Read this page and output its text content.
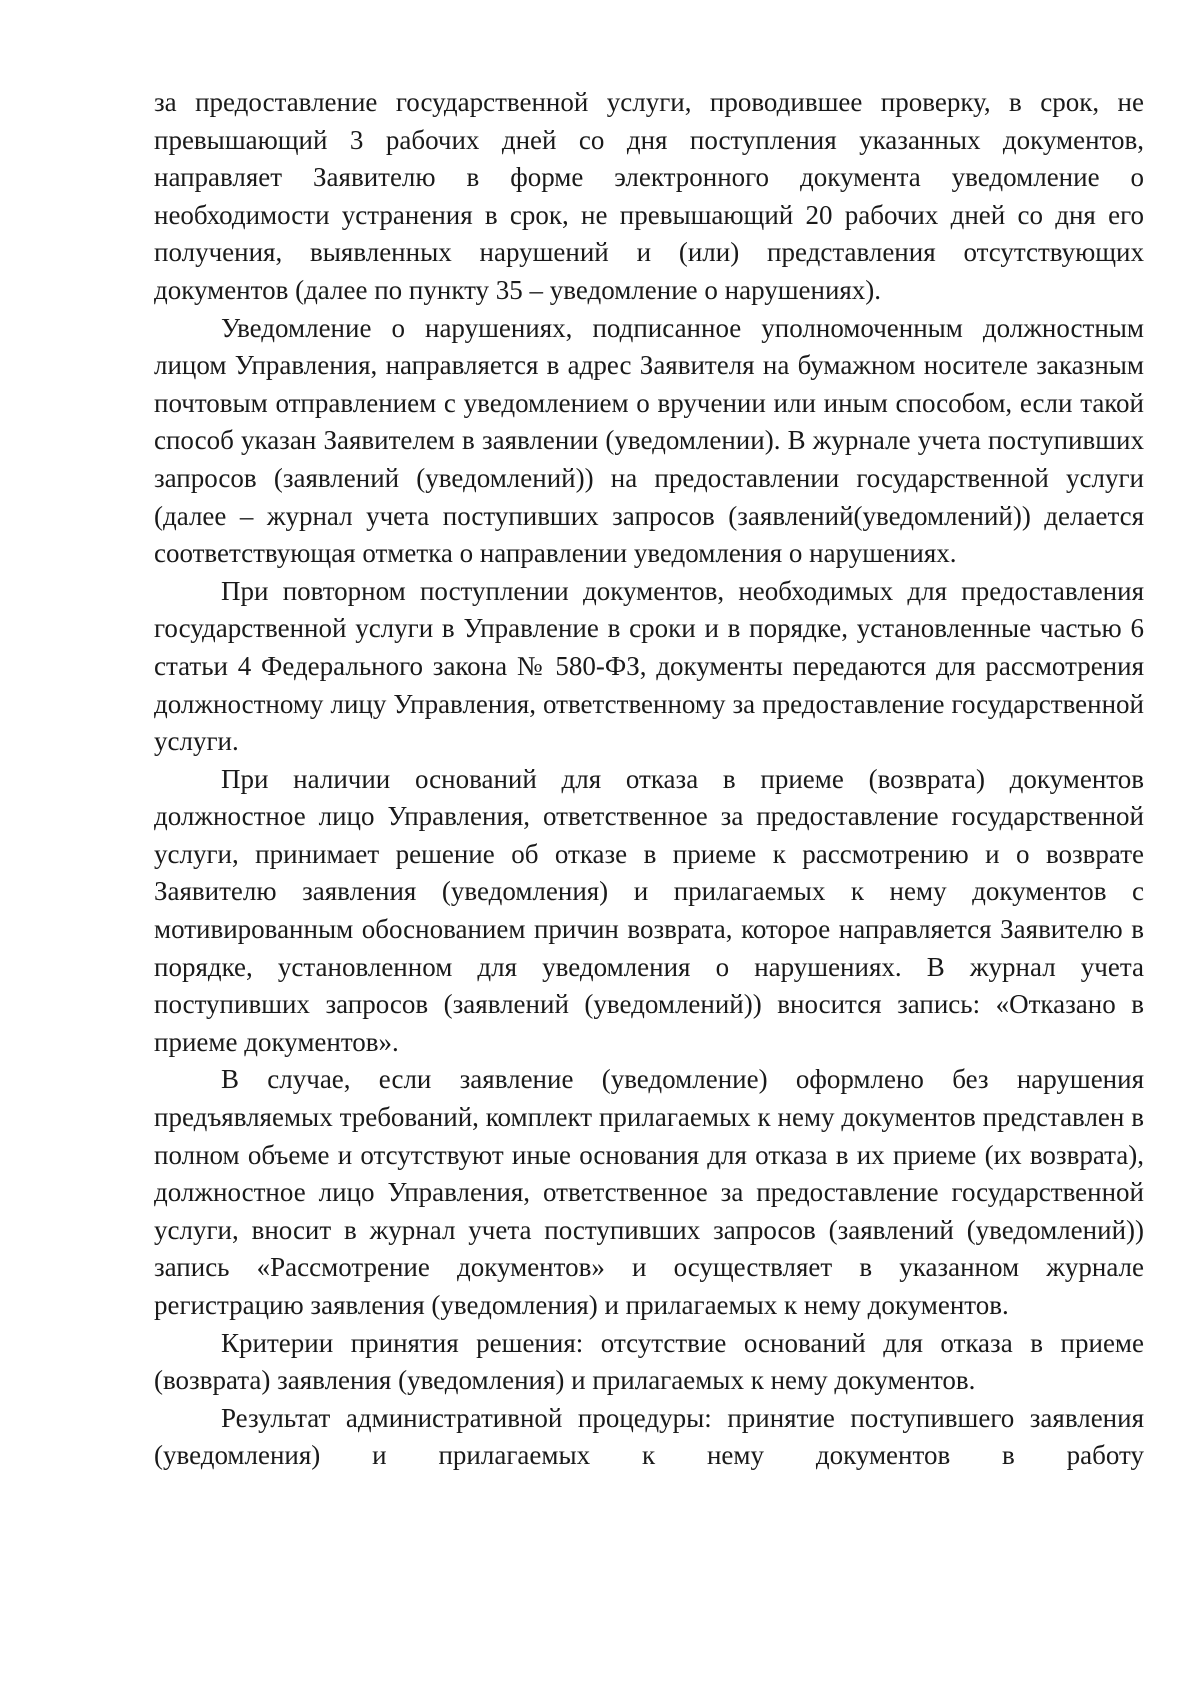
за предоставление государственной услуги, проводившее проверку, в срок, не превышающий 3 рабочих дней со дня поступления указанных документов, направляет Заявителю в форме электронного документа уведомление о необходимости устранения в срок, не превышающий 20 рабочих дней со дня его получения, выявленных нарушений и (или) представления отсутствующих документов (далее по пункту 35 – уведомление о нарушениях).

Уведомление о нарушениях, подписанное уполномоченным должностным лицом Управления, направляется в адрес Заявителя на бумажном носителе заказным почтовым отправлением с уведомлением о вручении или иным способом, если такой способ указан Заявителем в заявлении (уведомлении). В журнале учета поступивших запросов (заявлений (уведомлений)) на предоставлении государственной услуги (далее – журнал учета поступивших запросов (заявлений(уведомлений)) делается соответствующая отметка о направлении уведомления о нарушениях.

При повторном поступлении документов, необходимых для предоставления государственной услуги в Управление в сроки и в порядке, установленные частью 6 статьи 4 Федерального закона № 580-ФЗ, документы передаются для рассмотрения должностному лицу Управления, ответственному за предоставление государственной услуги.

При наличии оснований для отказа в приеме (возврата) документов должностное лицо Управления, ответственное за предоставление государственной услуги, принимает решение об отказе в приеме к рассмотрению и о возврате Заявителю заявления (уведомления) и прилагаемых к нему документов с мотивированным обоснованием причин возврата, которое направляется Заявителю в порядке, установленном для уведомления о нарушениях. В журнал учета поступивших запросов (заявлений (уведомлений)) вносится запись: «Отказано в приеме документов».

В случае, если заявление (уведомление) оформлено без нарушения предъявляемых требований, комплект прилагаемых к нему документов представлен в полном объеме и отсутствуют иные основания для отказа в их приеме (их возврата), должностное лицо Управления, ответственное за предоставление государственной услуги, вносит в журнал учета поступивших запросов (заявлений (уведомлений)) запись «Рассмотрение документов» и осуществляет в указанном журнале регистрацию заявления (уведомления) и прилагаемых к нему документов.

Критерии принятия решения: отсутствие оснований для отказа в приеме (возврата) заявления (уведомления) и прилагаемых к нему документов.

Результат административной процедуры: принятие поступившего заявления (уведомления) и прилагаемых к нему документов в работу
